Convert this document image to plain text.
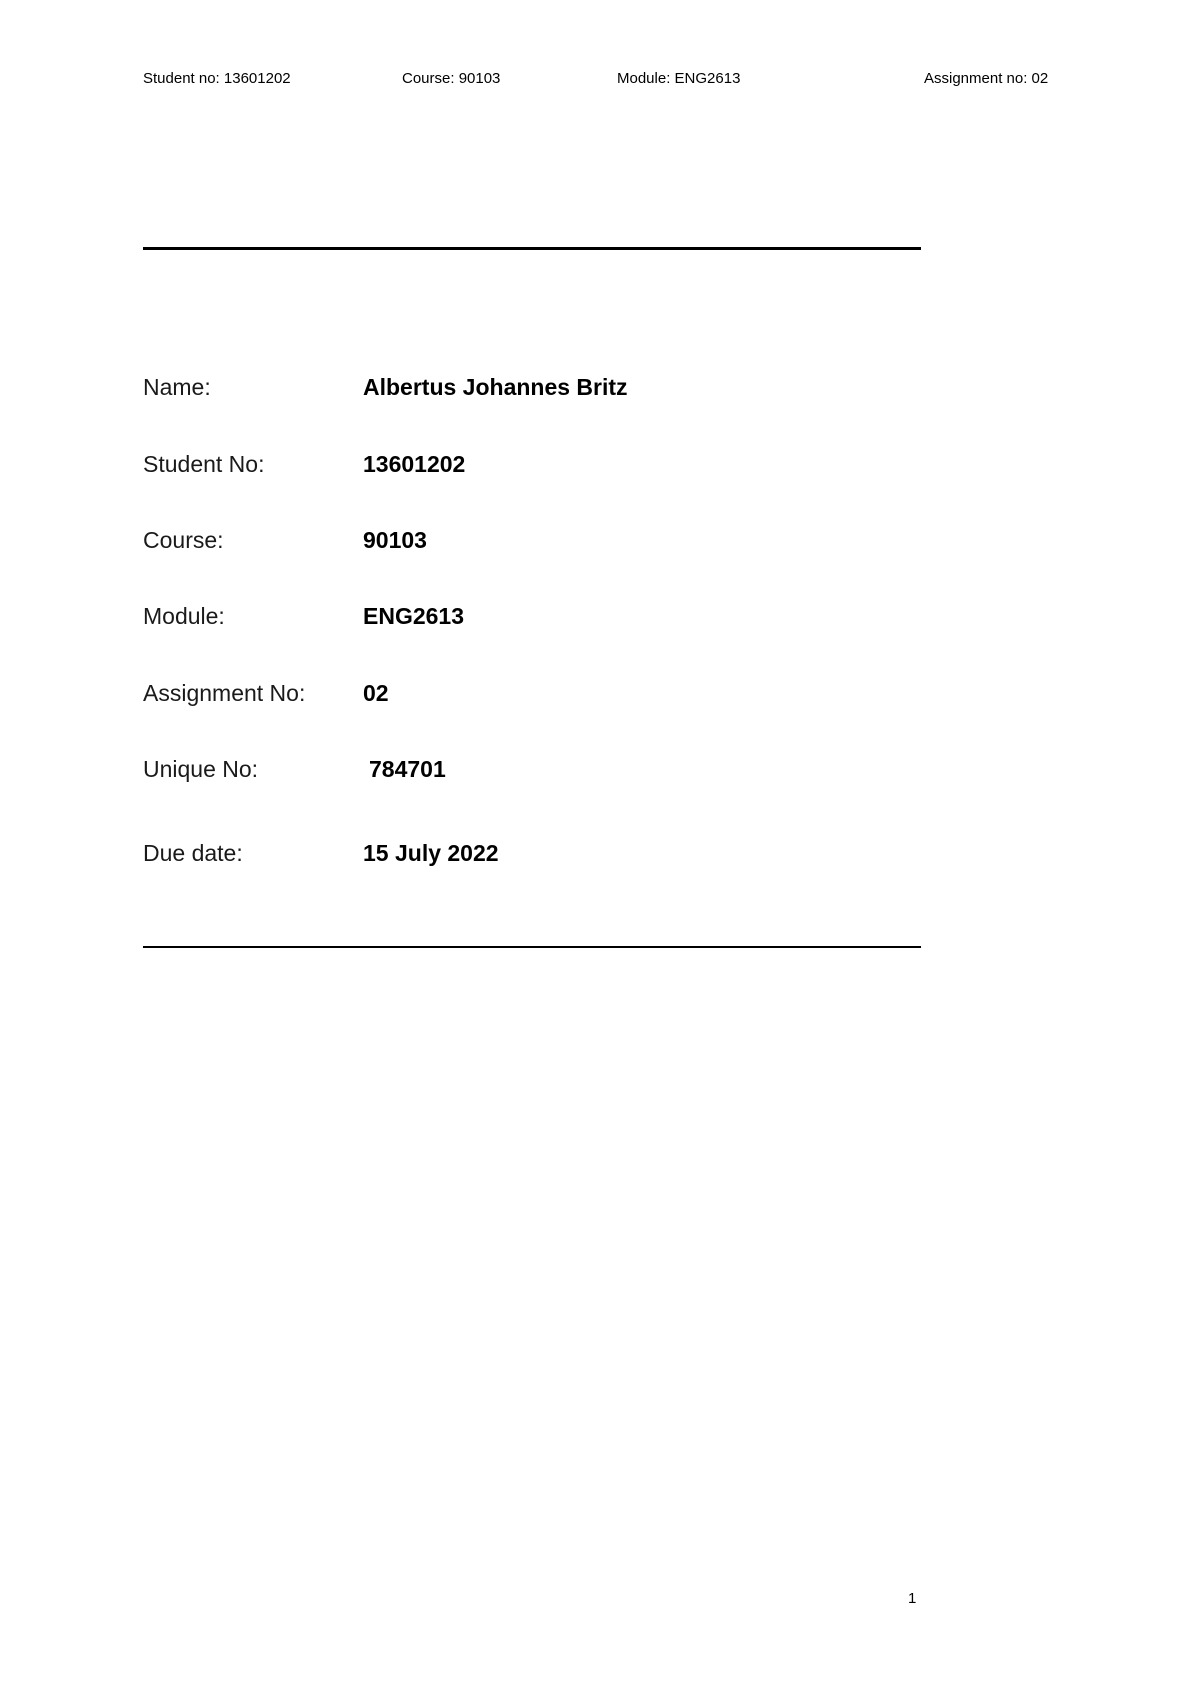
Student no: 13601202	Course: 90103	Module: ENG2613	Assignment no: 02
Name:	Albertus Johannes Britz
Student No:	13601202
Course:	90103
Module:	ENG2613
Assignment No:	02
Unique No:	784701
Due date:	15 July 2022
1
